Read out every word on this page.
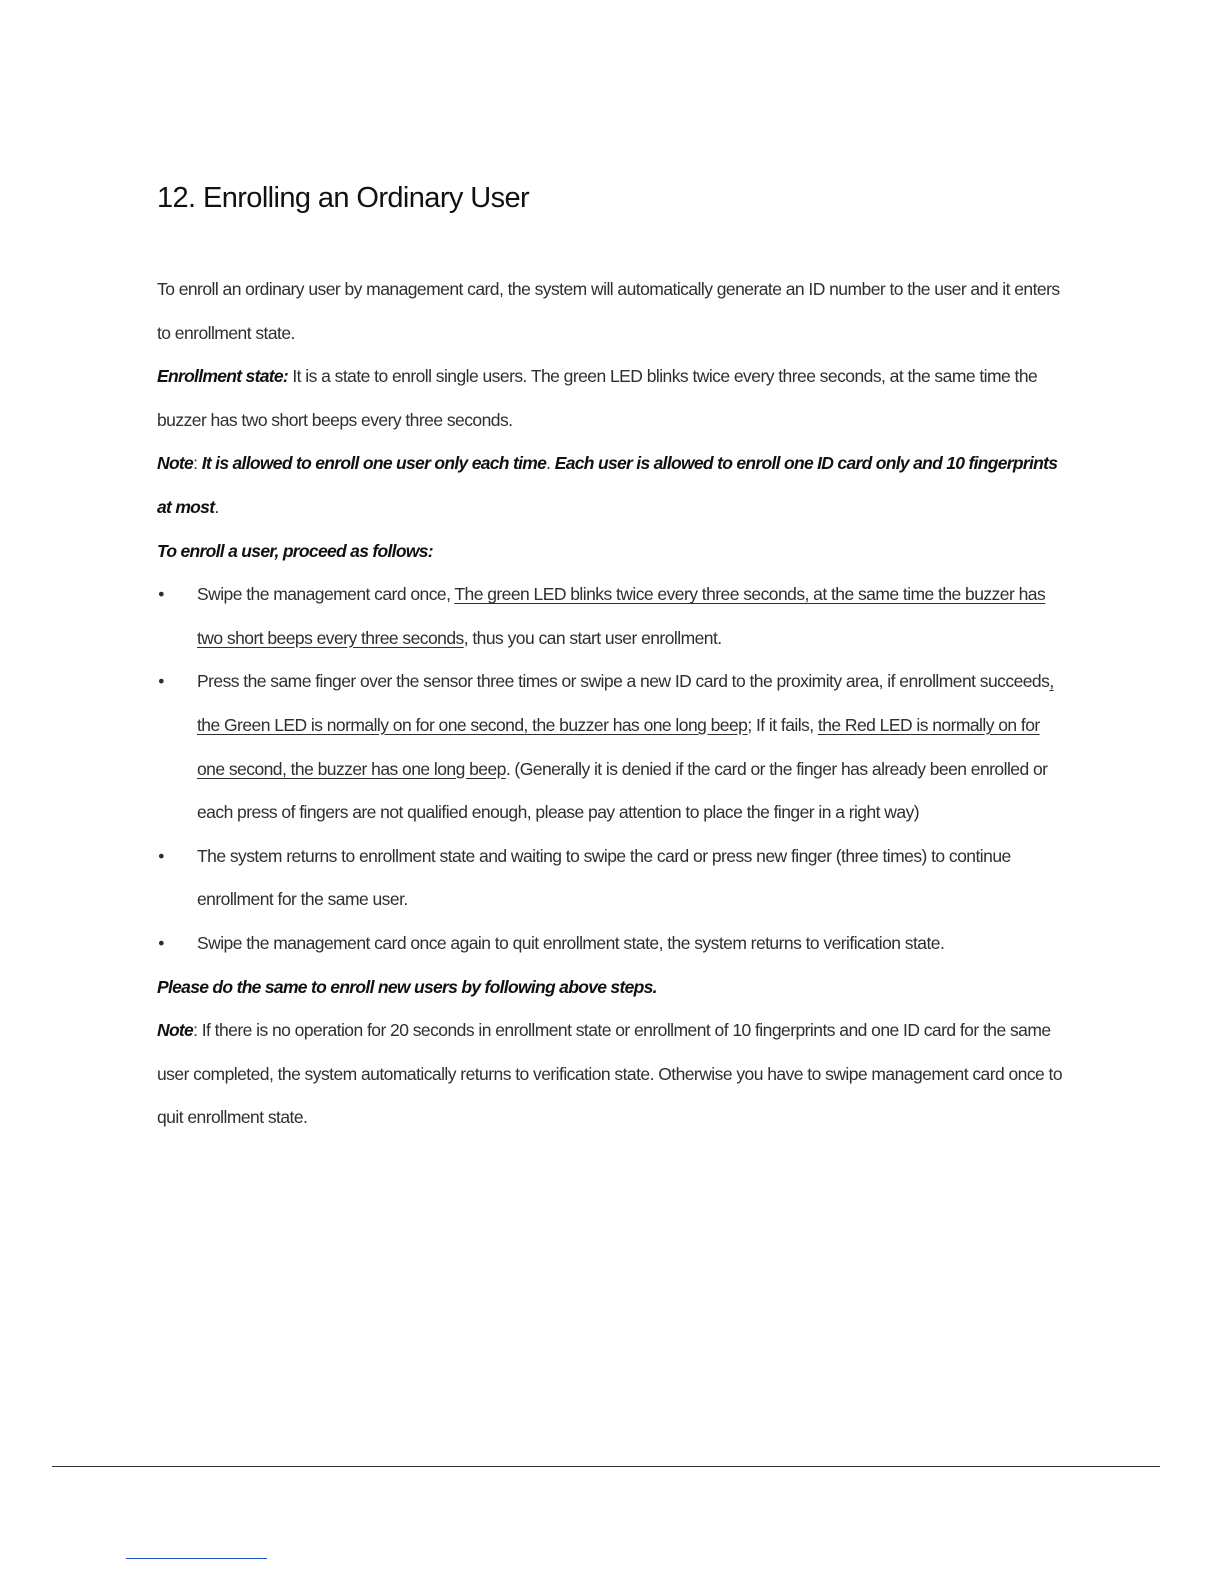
12. Enrolling an Ordinary User

To enroll an ordinary user by management card, the system will automatically generate an ID number to the user and it enters to enrollment state.

Enrollment state: It is a state to enroll single users. The green LED blinks twice every three seconds, at the same time the buzzer has two short beeps every three seconds.

Note: It is allowed to enroll one user only each time. Each user is allowed to enroll one ID card only and 10 fingerprints at most.

To enroll a user, proceed as follows:

• Swipe the management card once, The green LED blinks twice every three seconds, at the same time the buzzer has two short beeps every three seconds, thus you can start user enrollment.
• Press the same finger over the sensor three times or swipe a new ID card to the proximity area, if enrollment succeeds, the Green LED is normally on for one second, the buzzer has one long beep; If it fails, the Red LED is normally on for one second, the buzzer has one long beep. (Generally it is denied if the card or the finger has already been enrolled or each press of fingers are not qualified enough, please pay attention to place the finger in a right way)
• The system returns to enrollment state and waiting to swipe the card or press new finger (three times) to continue enrollment for the same user.
• Swipe the management card once again to quit enrollment state, the system returns to verification state.

Please do the same to enroll new users by following above steps.

Note: If there is no operation for 20 seconds in enrollment state or enrollment of 10 fingerprints and one ID card for the same user completed, the system automatically returns to verification state. Otherwise you have to swipe management card once to quit enrollment state.
